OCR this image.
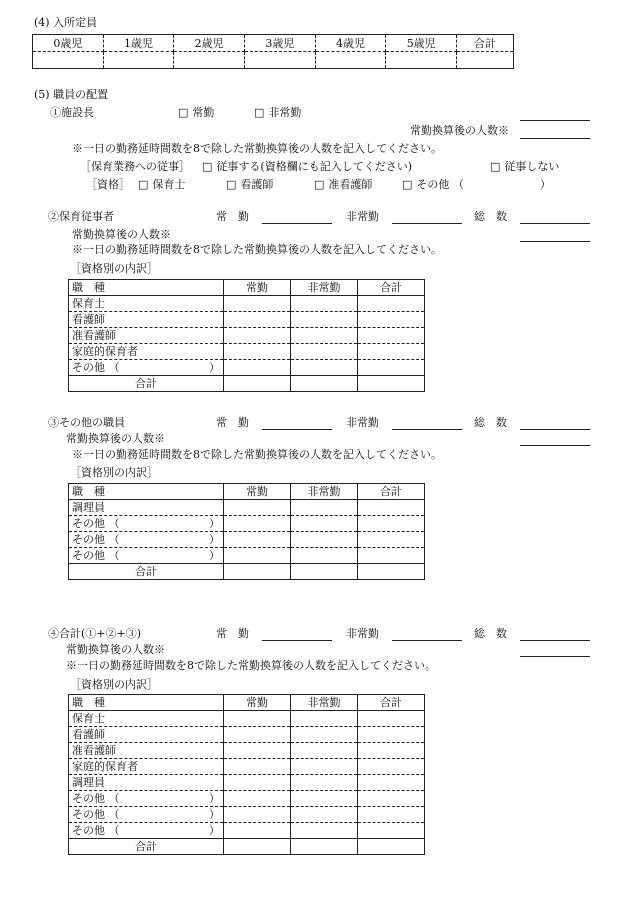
(4) 入所定員
0歳児	1歳児	2歳児	3歳児	4歳児	5歳児	合計

(5) 職員の配置
①施設長	□ 常勤	□ 非常勤
常勤換算後の人数※
※一日の勤務延時間数を8で除した常勤換算後の人数を記入してください。
［保育業務への従事］	□ 従事する(資格欄にも記入してください)	□ 従事しない
［資格］	□ 保育士	□ 看護師	□ 准看護師	□ その他 （	）
②保育従事者	常　勤	非常勤	総　数
常勤換算後の人数※
※一日の勤務延時間数を8で除した常勤換算後の人数を記入してください。
［資格別の内訳］
職　種	常勤	非常勤	合計
保育士			
看護師			
准看護師			
家庭的保育者			

その他 （ ）			

合計			
③その他の職員	常　勤	非常勤	総　数
常勤換算後の人数※
※一日の勤務延時間数を8で除した常勤換算後の人数を記入してください。
［資格別の内訳］
職　種	常勤	非常勤	合計
調理員			

その他 （ ）			

その他 （ ）			

その他 （ ）			

合計			
④合計(①+②+③)	常　勤	非常勤	総　数
常勤換算後の人数※
※一日の勤務延時間数を8で除した常勤換算後の人数を記入してください。
［資格別の内訳］
職　種	常勤	非常勤	合計
保育士			
看護師			
准看護師			
家庭的保育者			
調理員			

その他 （ ）			

その他 （ ）			

その他 （ ）			

合計			
